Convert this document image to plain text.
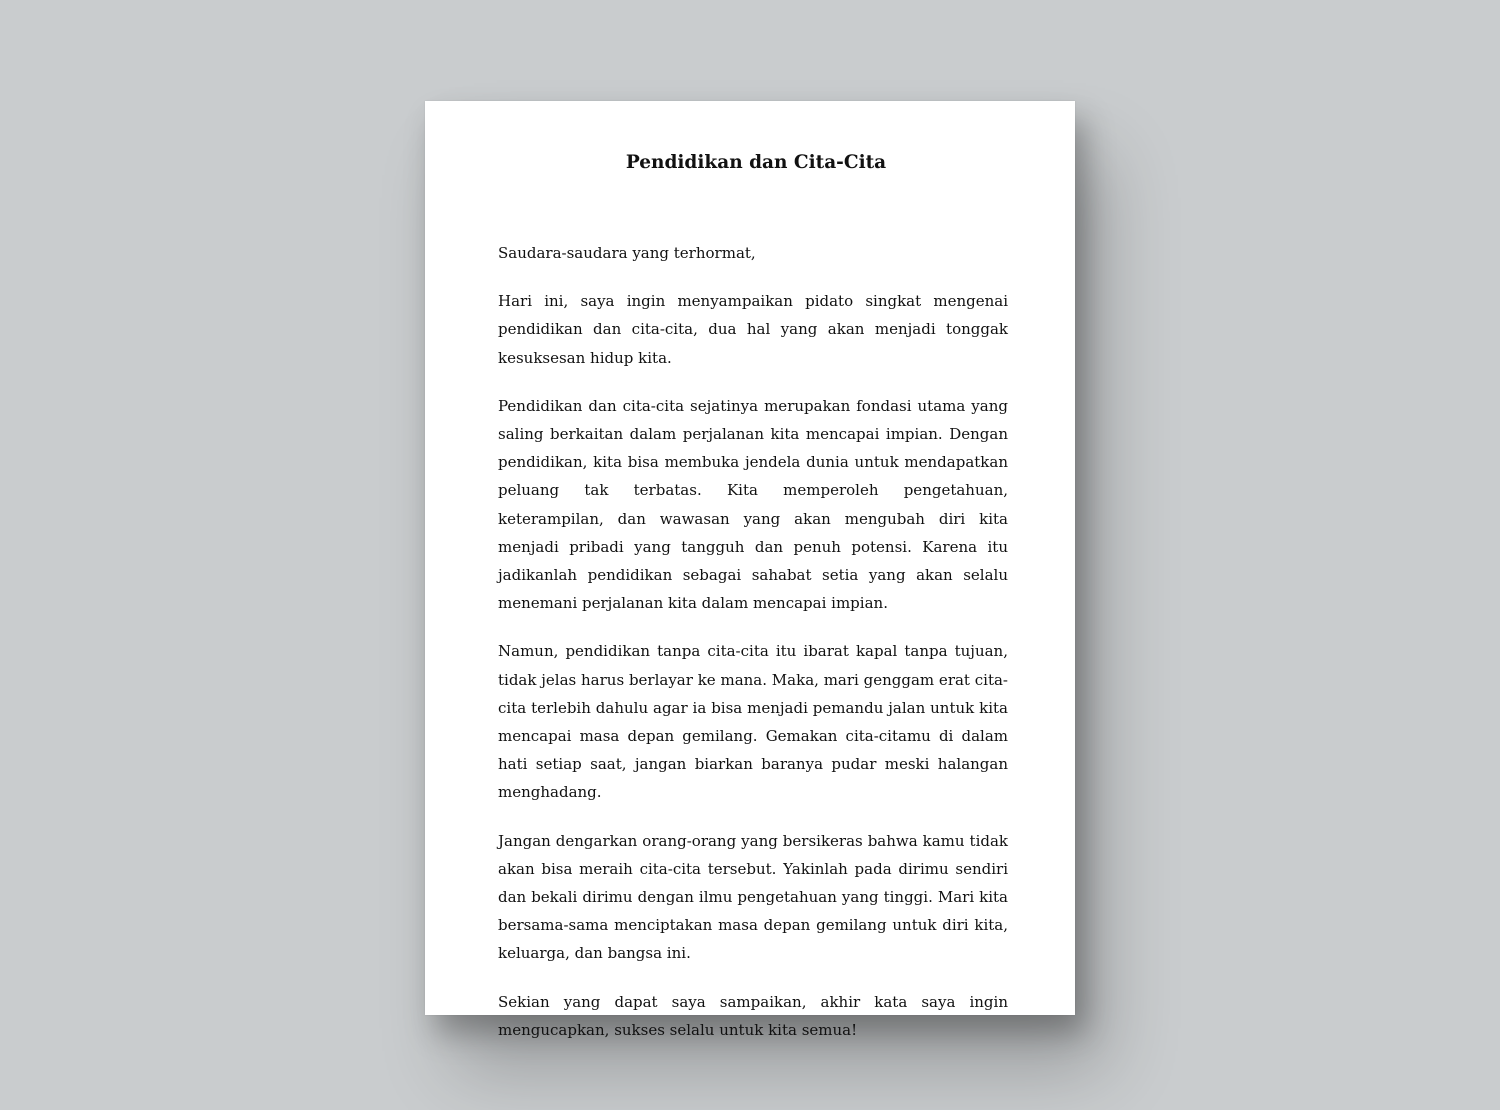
Pendidikan dan Cita-Cita

Saudara-saudara yang terhormat,

Hari ini, saya ingin menyampaikan pidato singkat mengenai pendidikan dan cita-cita, dua hal yang akan menjadi tonggak kesuksesan hidup kita.

Pendidikan dan cita-cita sejatinya merupakan fondasi utama yang saling berkaitan dalam perjalanan kita mencapai impian. Dengan pendidikan, kita bisa membuka jendela dunia untuk mendapatkan peluang tak terbatas. Kita memperoleh pengetahuan, keterampilan, dan wawasan yang akan mengubah diri kita menjadi pribadi yang tangguh dan penuh potensi. Karena itu jadikanlah pendidikan sebagai sahabat setia yang akan selalu menemani perjalanan kita dalam mencapai impian.

Namun, pendidikan tanpa cita-cita itu ibarat kapal tanpa tujuan, tidak jelas harus berlayar ke mana. Maka, mari genggam erat cita-cita terlebih dahulu agar ia bisa menjadi pemandu jalan untuk kita mencapai masa depan gemilang. Gemakan cita-citamu di dalam hati setiap saat, jangan biarkan baranya pudar meski halangan menghadang.

Jangan dengarkan orang-orang yang bersikeras bahwa kamu tidak akan bisa meraih cita-cita tersebut. Yakinlah pada dirimu sendiri dan bekali dirimu dengan ilmu pengetahuan yang tinggi. Mari kita bersama-sama menciptakan masa depan gemilang untuk diri kita, keluarga, dan bangsa ini.

Sekian yang dapat saya sampaikan, akhir kata saya ingin mengucapkan, sukses selalu untuk kita semua!
